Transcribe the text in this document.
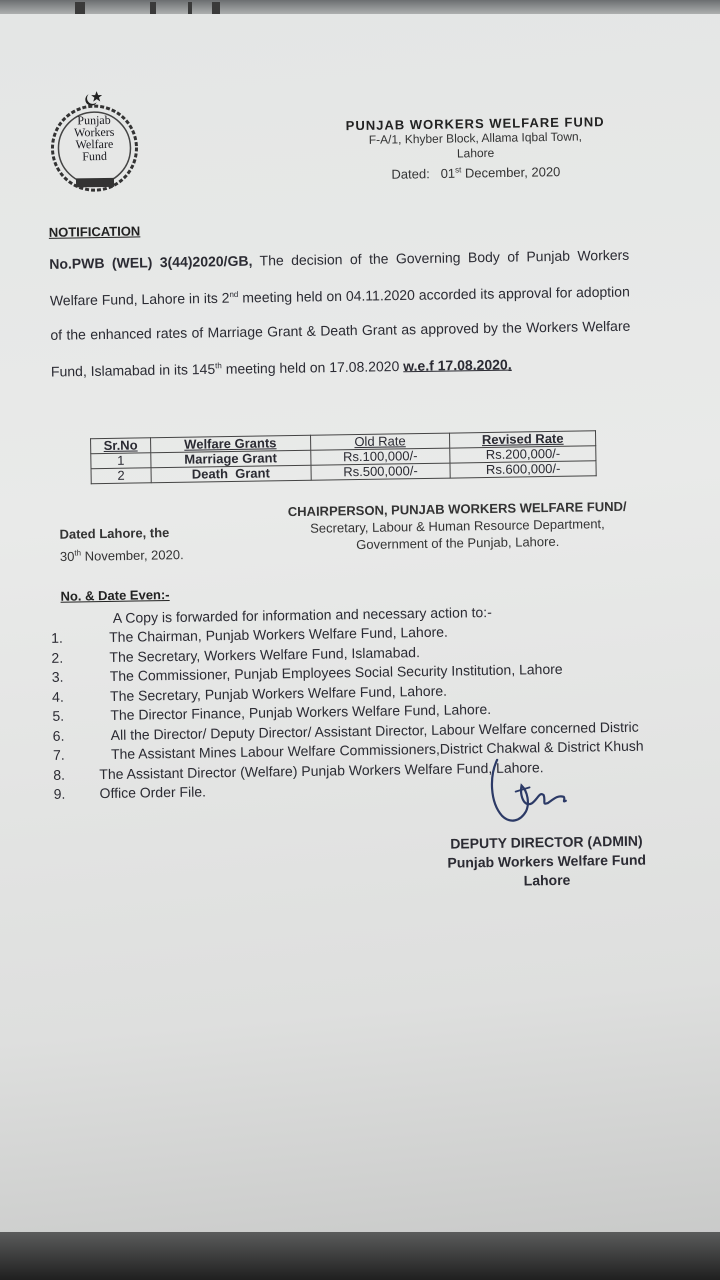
Punjab
Workers
Welfare
Fund
PUNJAB WORKERS WELFARE FUND
F-A/1, Khyber Block, Allama Iqbal Town,
Lahore
Dated: 01st December, 2020
NOTIFICATION
No.PWB (WEL) 3(44)2020/GB, The decision of the Governing Body of Punjab Workers Welfare Fund, Lahore in its 2nd meeting held on 04.11.2020 accorded its approval for adoption of the enhanced rates of Marriage Grant & Death Grant as approved by the Workers Welfare Fund, Islamabad in its 145th meeting held on 17.08.2020 w.e.f 17.08.2020.
Sr.No	Welfare Grants	Old Rate	Revised Rate
1	Marriage Grant	Rs.100,000/-	Rs.200,000/-
2	Death  Grant	Rs.500,000/-	Rs.600,000/-
Dated Lahore, the
30th November, 2020.
CHAIRPERSON, PUNJAB WORKERS WELFARE FUND/
Secretary, Labour & Human Resource Department,
Government of the Punjab, Lahore.
No. & Date Even:-
A Copy is forwarded for information and necessary action to:-
1.	The Chairman, Punjab Workers Welfare Fund, Lahore.
2.	The Secretary, Workers Welfare Fund, Islamabad.
3.	The Commissioner, Punjab Employees Social Security Institution, Lahore
4.	The Secretary, Punjab Workers Welfare Fund, Lahore.
5.	The Director Finance, Punjab Workers Welfare Fund, Lahore.
6.	All the Director/ Deputy Director/ Assistant Director, Labour Welfare concerned Distric
7.	The Assistant Mines Labour Welfare Commissioners,District Chakwal & District Khush
8.	The Assistant Director (Welfare) Punjab Workers Welfare Fund, Lahore.
9.	Office Order File.
DEPUTY DIRECTOR (ADMIN)
Punjab Workers Welfare Fund
Lahore
